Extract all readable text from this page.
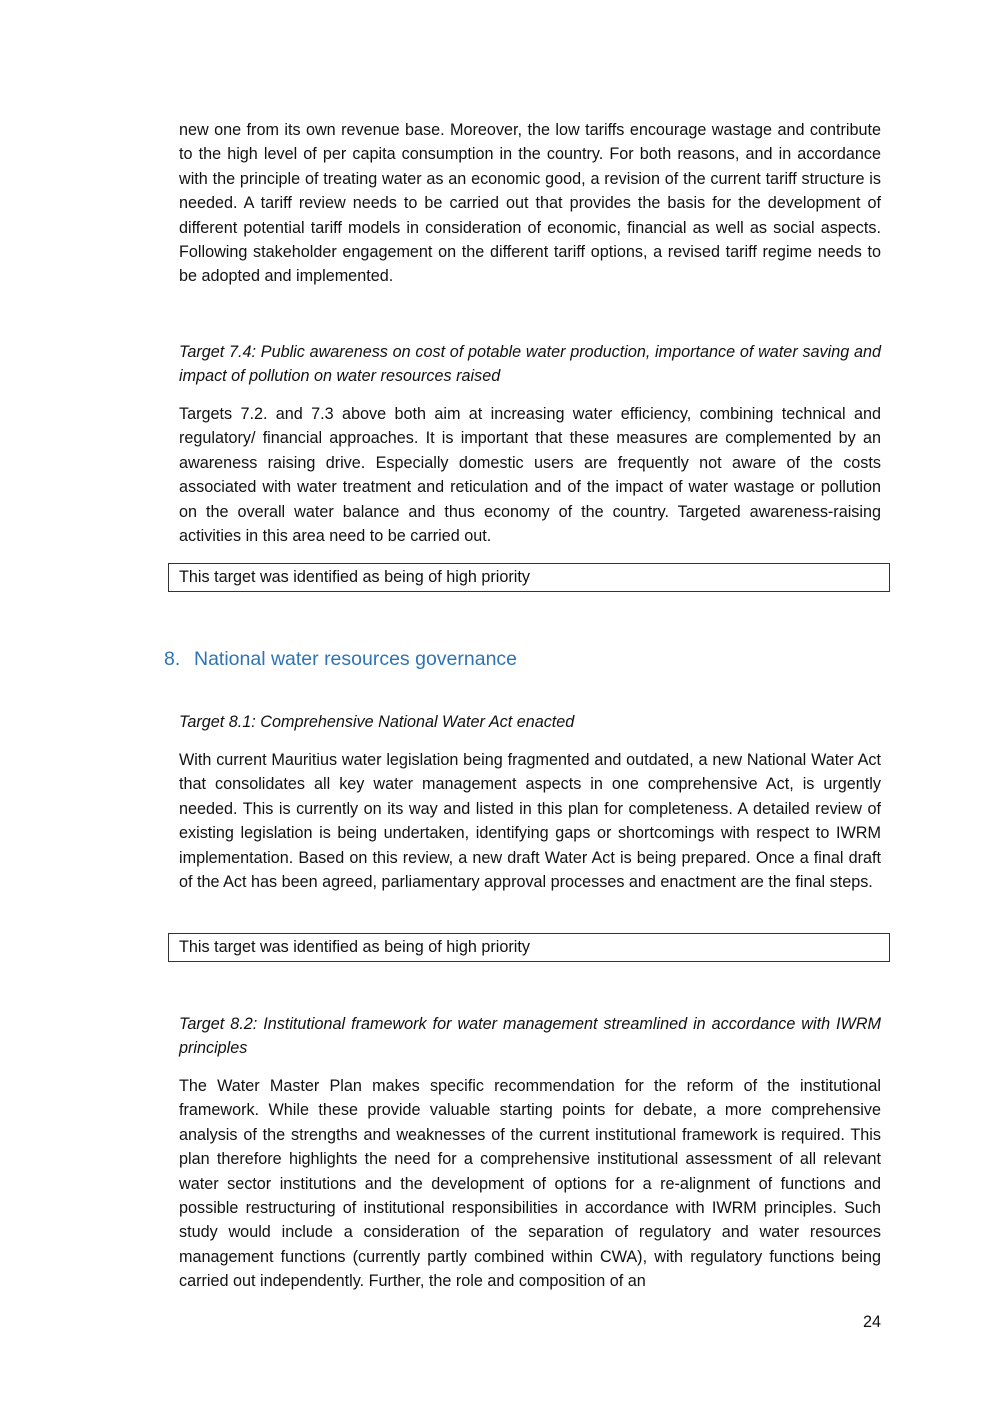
new one from its own revenue base. Moreover, the low tariffs encourage wastage and contribute to the high level of per capita consumption in the country. For both reasons, and in accordance with the principle of treating water as an economic good, a revision of the current tariff structure is needed. A tariff review needs to be carried out that provides the basis for the development of different potential tariff models in consideration of economic, financial as well as social aspects. Following stakeholder engagement on the different tariff options, a revised tariff regime needs to be adopted and implemented.

Target 7.4: Public awareness on cost of potable water production, importance of water saving and impact of pollution on water resources raised

Targets 7.2. and 7.3 above both aim at increasing water efficiency, combining technical and regulatory/ financial approaches. It is important that these measures are complemented by an awareness raising drive. Especially domestic users are frequently not aware of the costs associated with water treatment and reticulation and of the impact of water wastage or pollution on the overall water balance and thus economy of the country. Targeted awareness-raising activities in this area need to be carried out.

This target was identified as being of high priority
8. National water resources governance

Target 8.1: Comprehensive National Water Act enacted

With current Mauritius water legislation being fragmented and outdated, a new National Water Act that consolidates all key water management aspects in one comprehensive Act, is urgently needed. This is currently on its way and listed in this plan for completeness. A detailed review of existing legislation is being undertaken, identifying gaps or shortcomings with respect to IWRM implementation. Based on this review, a new draft Water Act is being prepared. Once a final draft of the Act has been agreed, parliamentary approval processes and enactment are the final steps.

This target was identified as being of high priority

Target 8.2: Institutional framework for water management streamlined in accordance with IWRM principles

The Water Master Plan makes specific recommendation for the reform of the institutional framework. While these provide valuable starting points for debate, a more comprehensive analysis of the strengths and weaknesses of the current institutional framework is required. This plan therefore highlights the need for a comprehensive institutional assessment of all relevant water sector institutions and the development of options for a re-alignment of functions and possible restructuring of institutional responsibilities in accordance with IWRM principles. Such study would include a consideration of the separation of regulatory and water resources management functions (currently partly combined within CWA), with regulatory functions being carried out independently. Further, the role and composition of an

24
